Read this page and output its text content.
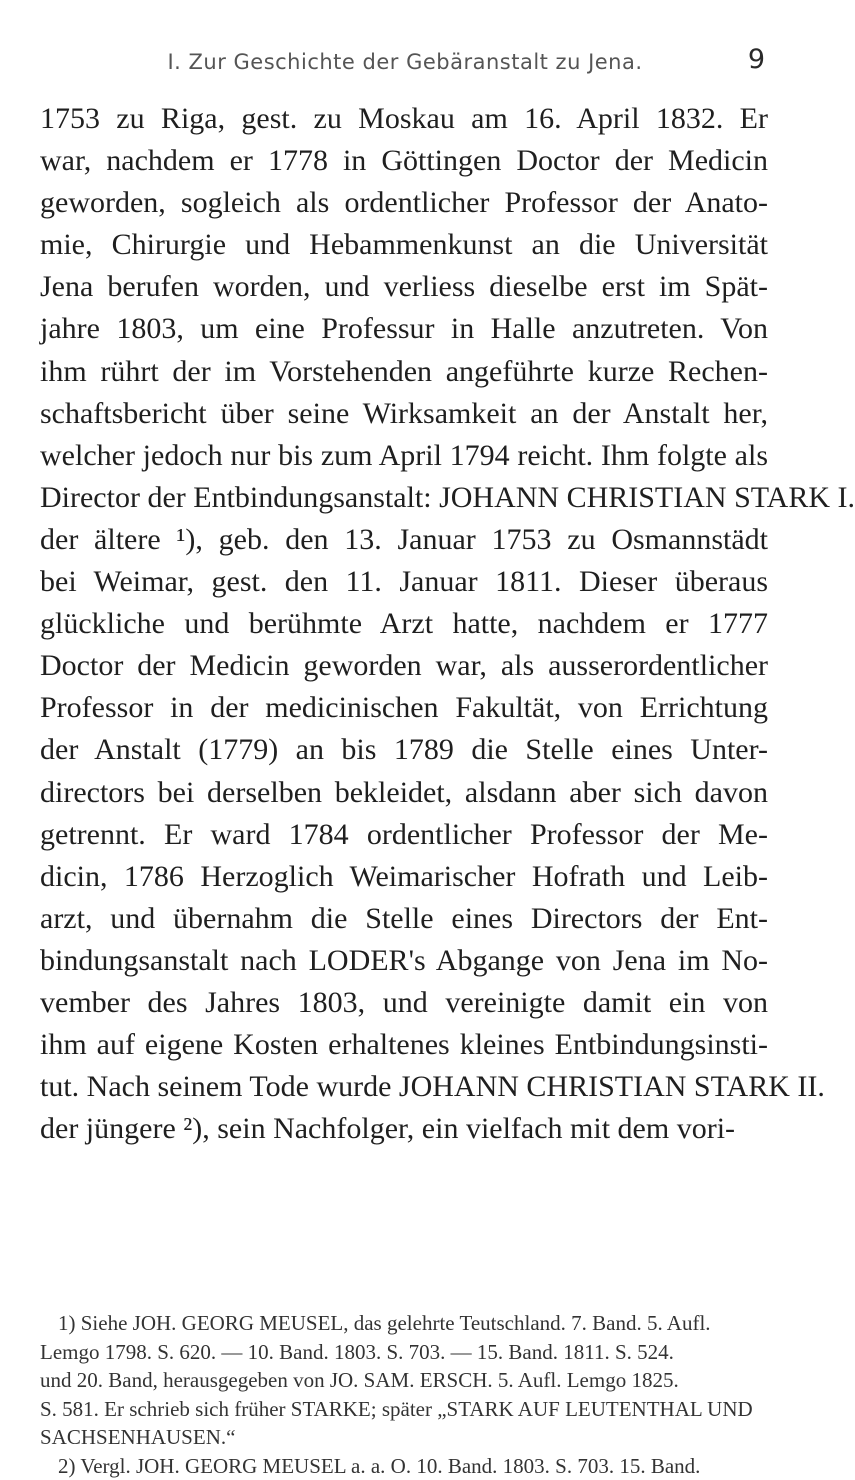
I. Zur Geschichte der Gebäranstalt zu Jena.	9
1753 zu Riga, gest. zu Moskau am 16. April 1832. Er
war, nachdem er 1778 in Göttingen Doctor der Medicin
geworden, sogleich als ordentlicher Professor der Anato-
mie, Chirurgie und Hebammenkunst an die Universität
Jena berufen worden, und verliess dieselbe erst im Spät-
jahre 1803, um eine Professur in Halle anzutreten. Von
ihm rührt der im Vorstehenden angeführte kurze Rechen-
schaftsbericht über seine Wirksamkeit an der Anstalt her,
welcher jedoch nur bis zum April 1794 reicht. Ihm folgte als
Director der Entbindungsanstalt: JOHANN CHRISTIAN STARK I.
der ältere ¹), geb. den 13. Januar 1753 zu Osmannstädt
bei Weimar, gest. den 11. Januar 1811. Dieser überaus
glückliche und berühmte Arzt hatte, nachdem er 1777
Doctor der Medicin geworden war, als ausserordentlicher
Professor in der medicinischen Fakultät, von Errichtung
der Anstalt (1779) an bis 1789 die Stelle eines Unter-
directors bei derselben bekleidet, alsdann aber sich davon
getrennt. Er ward 1784 ordentlicher Professor der Me-
dicin, 1786 Herzoglich Weimarischer Hofrath und Leib-
arzt, und übernahm die Stelle eines Directors der Ent-
bindungsanstalt nach LODER's Abgange von Jena im No-
vember des Jahres 1803, und vereinigte damit ein von
ihm auf eigene Kosten erhaltenes kleines Entbindungsinsti-
tut. Nach seinem Tode wurde JOHANN CHRISTIAN STARK II.
der jüngere ²), sein Nachfolger, ein vielfach mit dem vori-
1) Siehe JOH. GEORG MEUSEL, das gelehrte Teutschland. 7. Band. 5. Aufl.
Lemgo 1798. S. 620. — 10. Band. 1803. S. 703. — 15. Band. 1811. S. 524.
und 20. Band, herausgegeben von JO. SAM. ERSCH. 5. Aufl. Lemgo 1825.
S. 581. Er schrieb sich früher STARKE; später „STARK AUF LEUTENTHAL UND
SACHSENHAUSEN.“
2) Vergl. JOH. GEORG MEUSEL a. a. O. 10. Band. 1803. S. 703. 15. Band.
